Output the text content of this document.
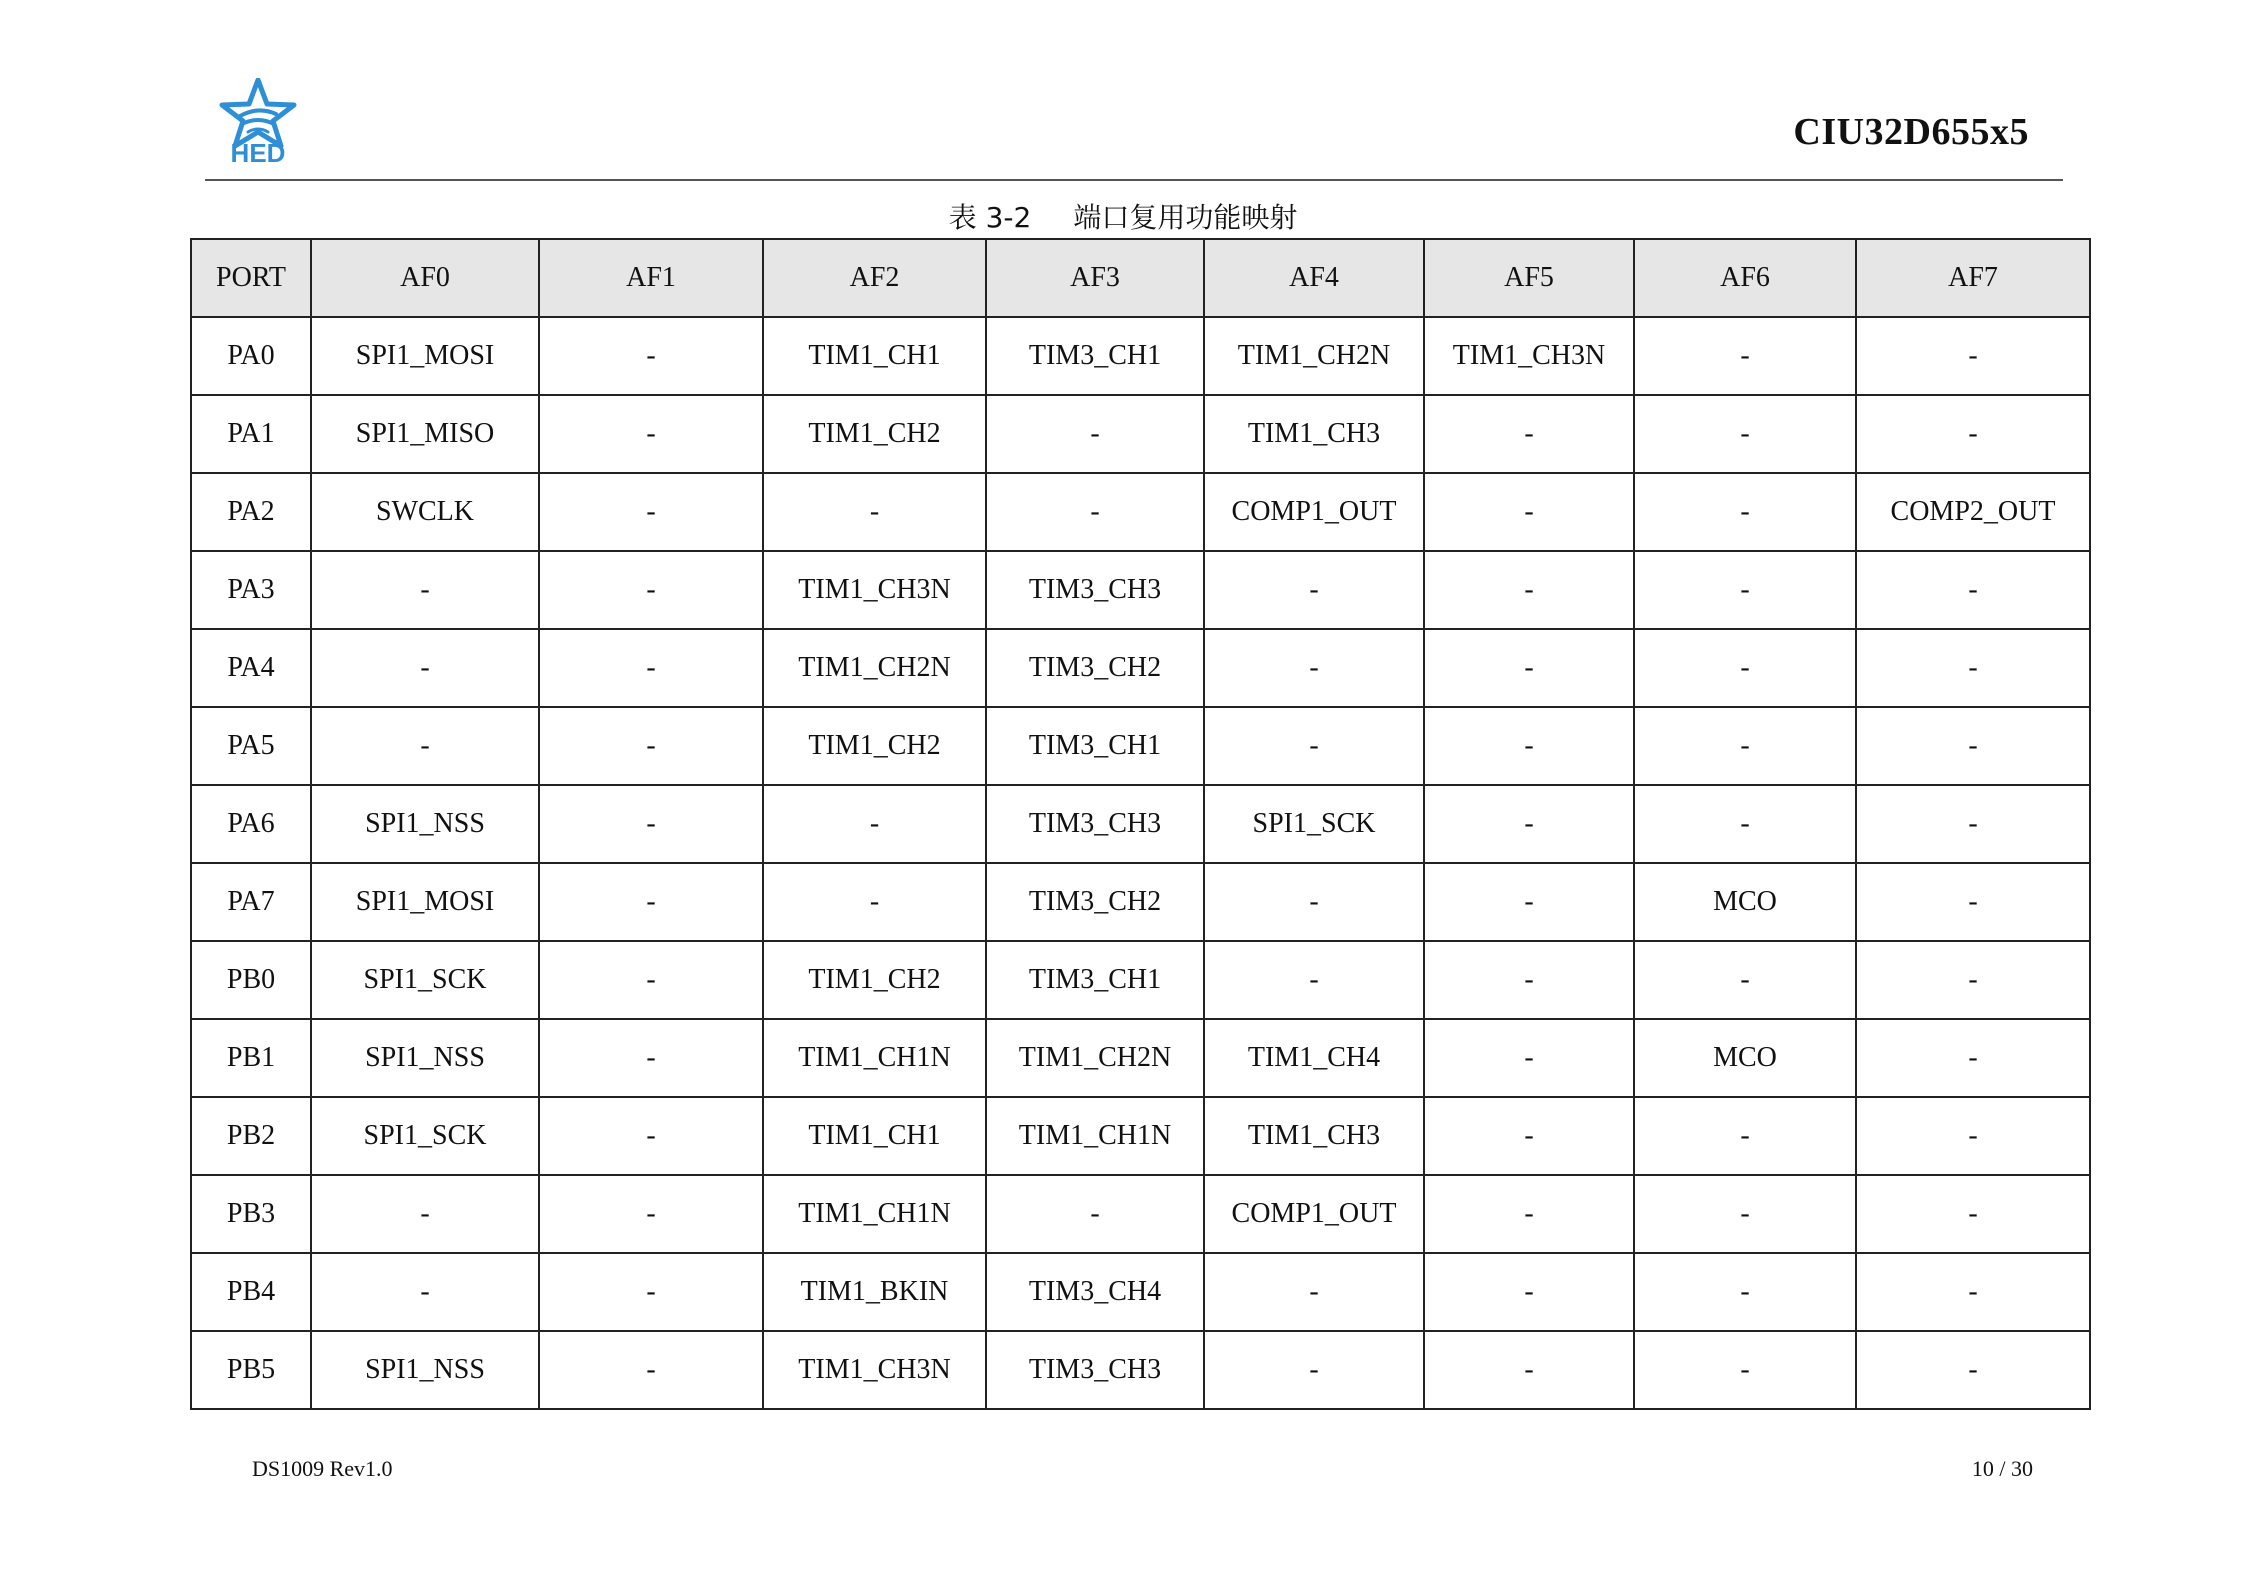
HED	CIU32D655x5
表 3-2 端口复用功能映射
PORT	AF0	AF1	AF2	AF3	AF4	AF5	AF6	AF7
PA0	SPI1_MOSI	-	TIM1_CH1	TIM3_CH1	TIM1_CH2N	TIM1_CH3N	-	-
PA1	SPI1_MISO	-	TIM1_CH2	-	TIM1_CH3	-	-	-
PA2	SWCLK	-	-	-	COMP1_OUT	-	-	COMP2_OUT
PA3	-	-	TIM1_CH3N	TIM3_CH3	-	-	-	-
PA4	-	-	TIM1_CH2N	TIM3_CH2	-	-	-	-
PA5	-	-	TIM1_CH2	TIM3_CH1	-	-	-	-
PA6	SPI1_NSS	-	-	TIM3_CH3	SPI1_SCK	-	-	-
PA7	SPI1_MOSI	-	-	TIM3_CH2	-	-	MCO	-
PB0	SPI1_SCK	-	TIM1_CH2	TIM3_CH1	-	-	-	-
PB1	SPI1_NSS	-	TIM1_CH1N	TIM1_CH2N	TIM1_CH4	-	MCO	-
PB2	SPI1_SCK	-	TIM1_CH1	TIM1_CH1N	TIM1_CH3	-	-	-
PB3	-	-	TIM1_CH1N	-	COMP1_OUT	-	-	-
PB4	-	-	TIM1_BKIN	TIM3_CH4	-	-	-	-
PB5	SPI1_NSS	-	TIM1_CH3N	TIM3_CH3	-	-	-	-
DS1009 Rev1.0	10 / 30
